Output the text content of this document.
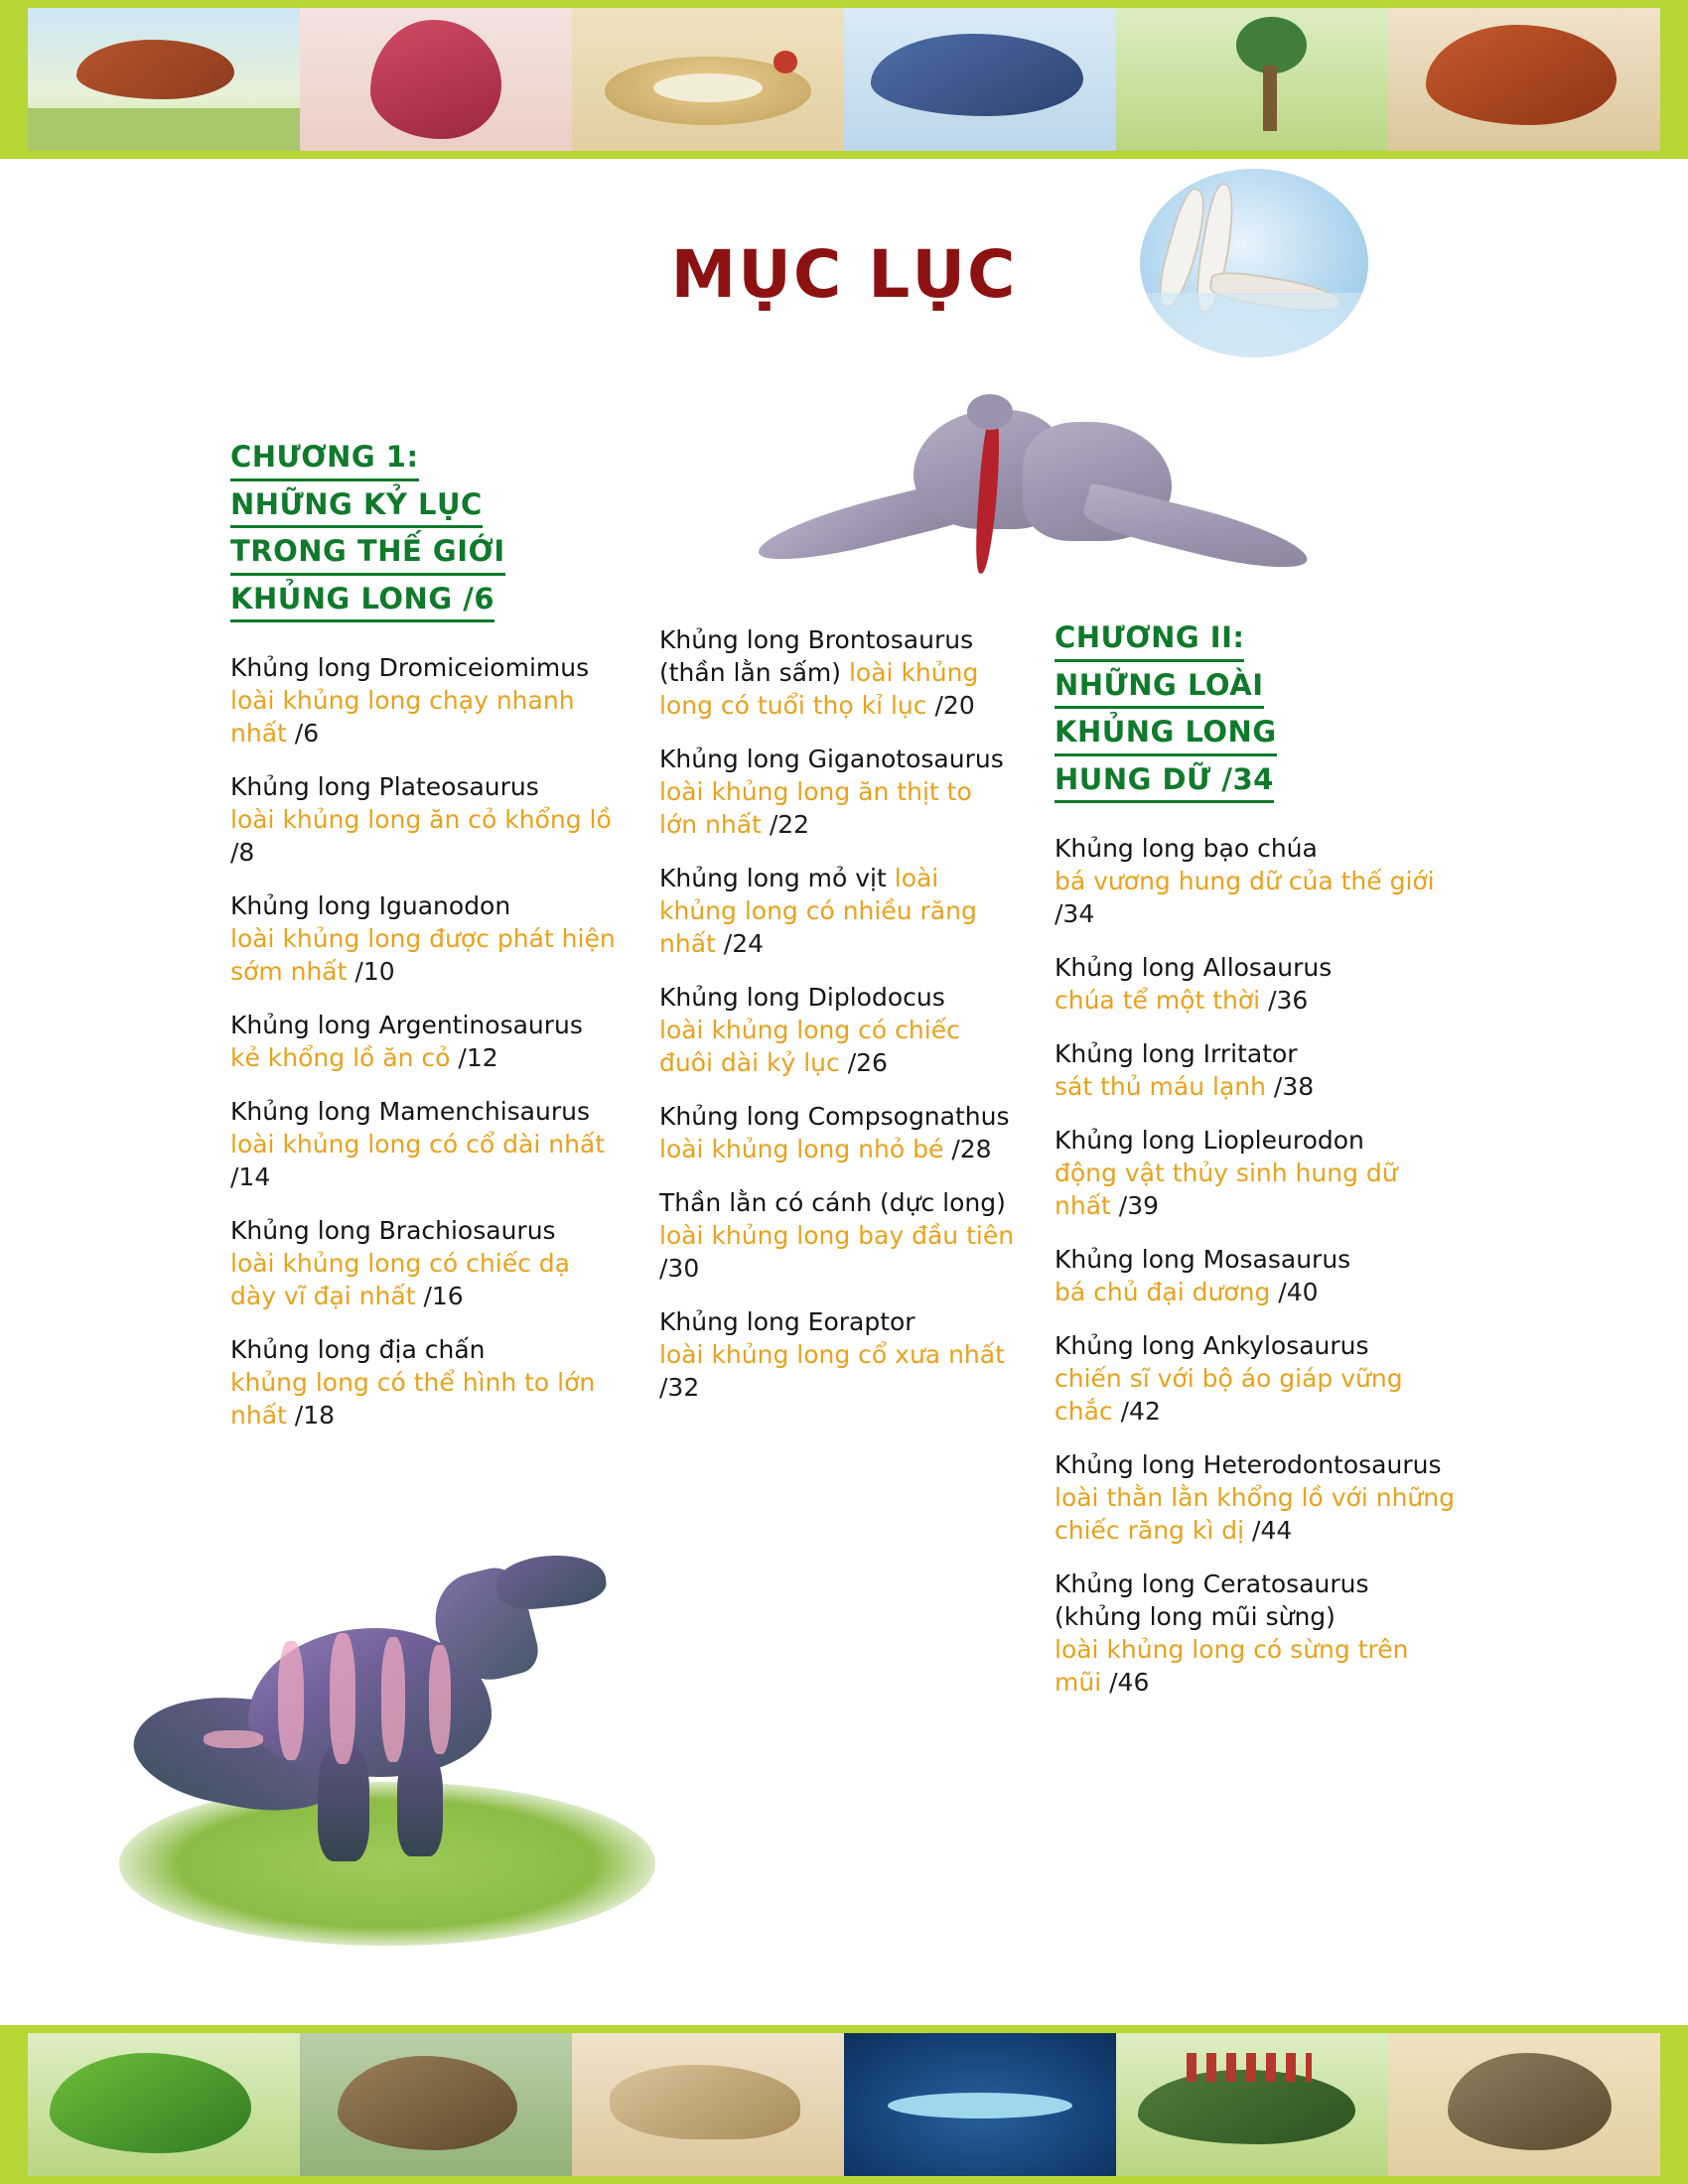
MỤC LỤC
CHƯƠNG 1:
NHỮNG KỶ LỤC
TRONG THẾ GIỚI
KHỦNG LONG /6
Khủng long Dromiceiomimus
loài khủng long chạy nhanh nhất /6
Khủng long Plateosaurus
loài khủng long ăn cỏ khổng lồ /8
Khủng long Iguanodon
loài khủng long được phát hiện sớm nhất /10
Khủng long Argentinosaurus
kẻ khổng lồ ăn cỏ /12
Khủng long Mamenchisaurus
loài khủng long có cổ dài nhất /14
Khủng long Brachiosaurus
loài khủng long có chiếc dạ dày vĩ đại nhất /16
Khủng long địa chấn
khủng long có thể hình to lớn nhất /18
Khủng long Brontosaurus (thần lằn sấm) loài khủng long có tuổi thọ kỉ lục /20
Khủng long Giganotosaurus
loài khủng long ăn thịt to lớn nhất /22
Khủng long mỏ vịt loài khủng long có nhiều răng nhất /24
Khủng long Diplodocus
loài khủng long có chiếc đuôi dài kỷ lục /26
Khủng long Compsognathus
loài khủng long nhỏ bé /28
Thần lằn có cánh (dực long)
loài khủng long bay đầu tiên /30
Khủng long Eoraptor
loài khủng long cổ xưa nhất /32
CHƯƠNG II:
NHỮNG LOÀI
KHỦNG LONG
HUNG DỮ /34
Khủng long bạo chúa
bá vương hung dữ của thế giới /34
Khủng long Allosaurus
chúa tể một thời /36
Khủng long Irritator
sát thủ máu lạnh /38
Khủng long Liopleurodon
động vật thủy sinh hung dữ nhất /39
Khủng long Mosasaurus
bá chủ đại dương /40
Khủng long Ankylosaurus
chiến sĩ với bộ áo giáp vững chắc /42
Khủng long Heterodontosaurus
loài thằn lằn khổng lồ với những chiếc răng kì dị /44
Khủng long Ceratosaurus (khủng long mũi sừng)
loài khủng long có sừng trên mũi /46
